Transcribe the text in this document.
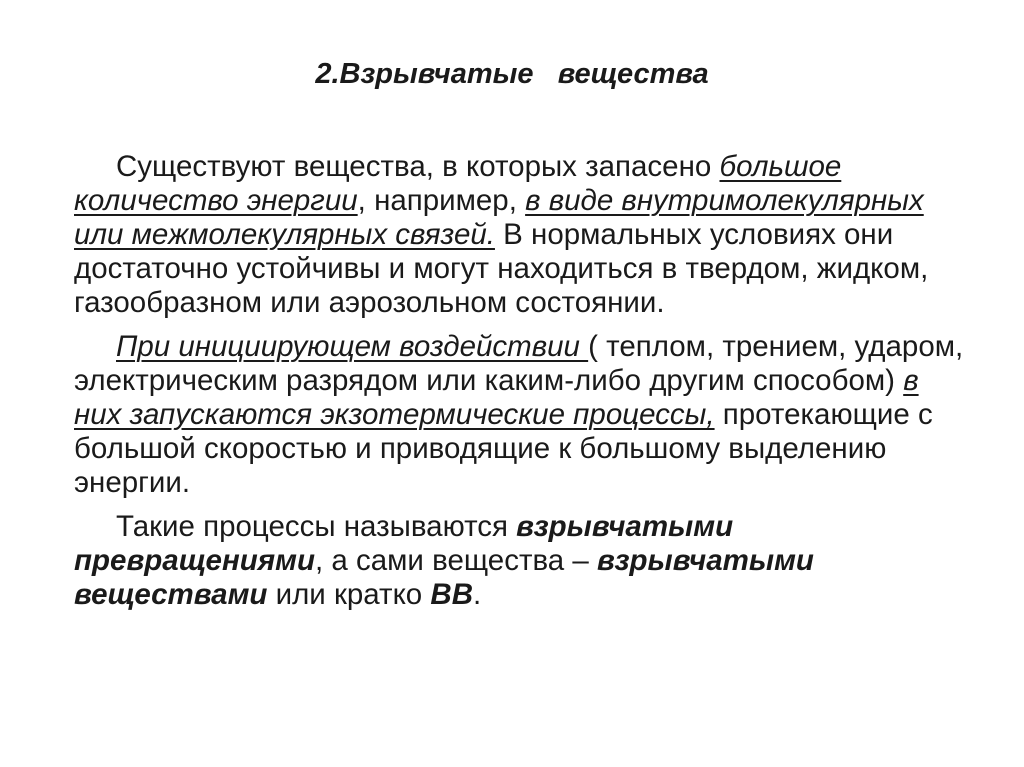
2.Взрывчатые   вещества

Существуют вещества, в которых запасено большое количество энергии, например, в виде внутримолекулярных или межмолекулярных связей. В нормальных условиях они достаточно устойчивы и могут находиться в твердом, жидком, газообразном или аэрозольном состоянии.

При инициирующем воздействии ( теплом, трением, ударом, электрическим разрядом или каким-либо другим способом) в них запускаются экзотермические процессы, протекающие с большой скоростью и приводящие к большому выделению энергии.

Такие процессы называются взрывчатыми превращениями, а сами вещества – взрывчатыми веществами или кратко ВВ.
